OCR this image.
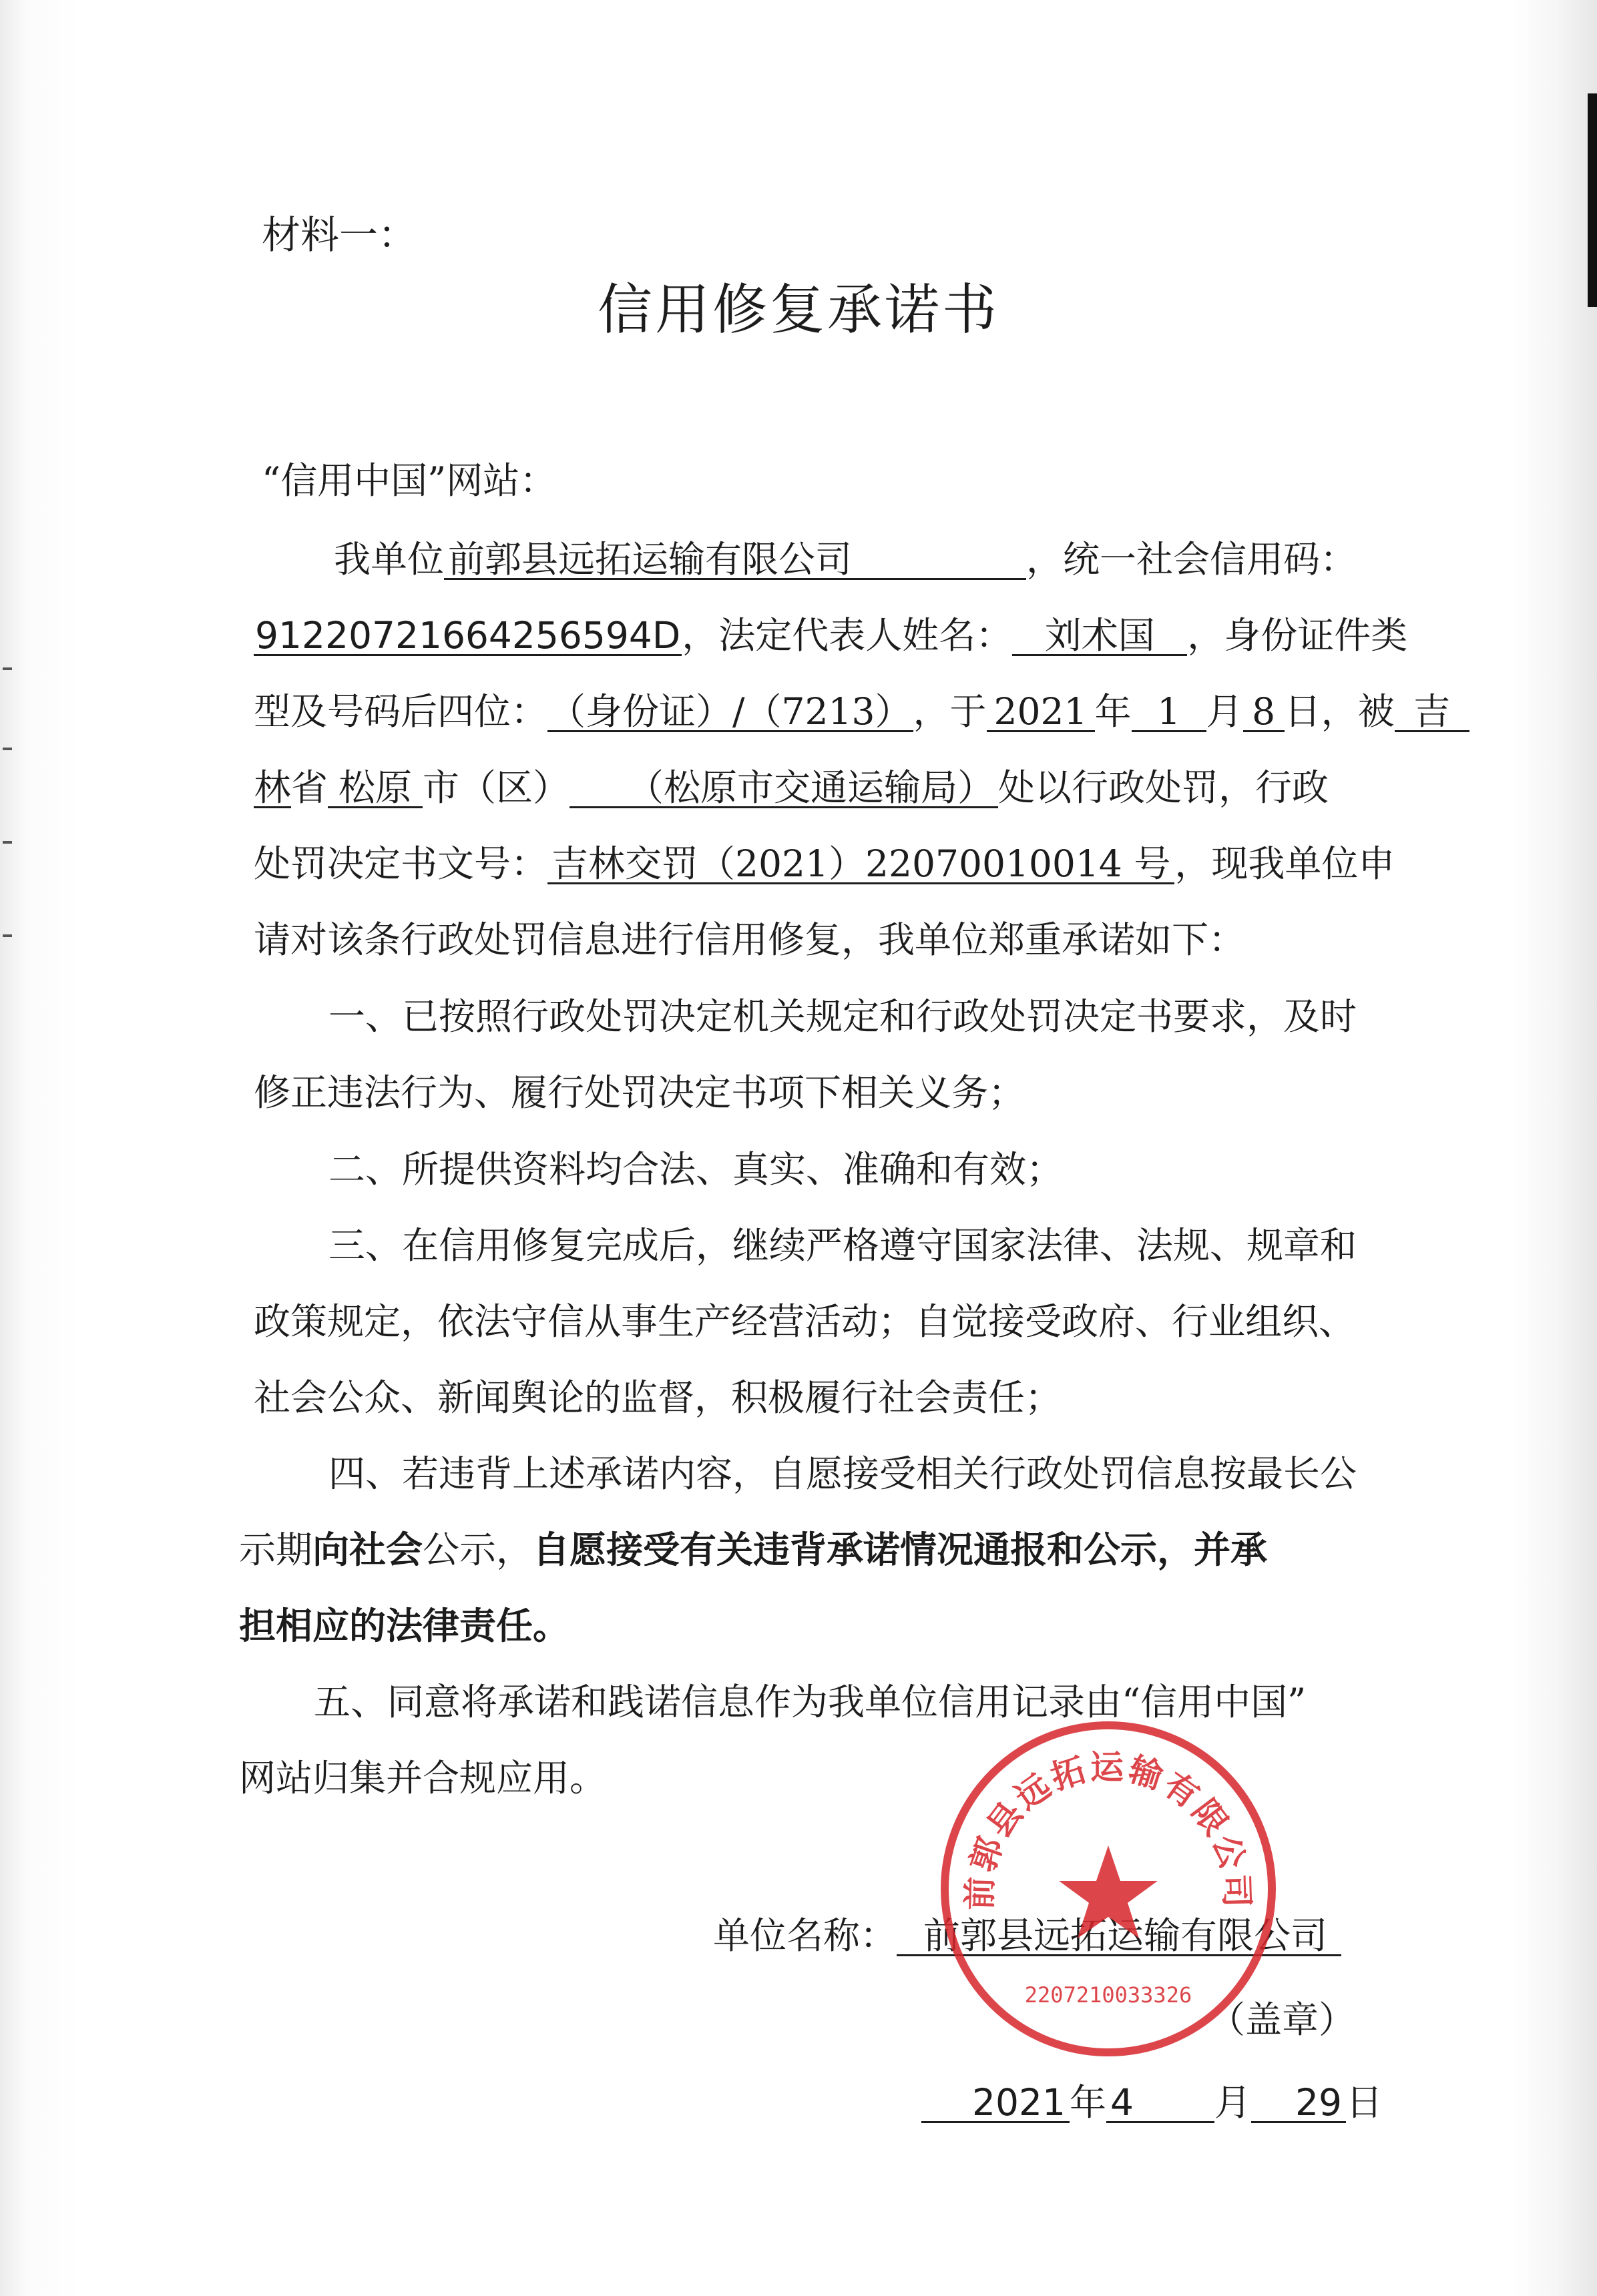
材料一：
信用修复承诺书
“信用中国”网站：
我单位 前郭县远拓运输有限公司	，统一社会信用码：
91220721664256594D，法定代表人姓名： 刘术国 ，身份证件类
型及号码后四位：（身份证）/（7213），于 2021 年 1 月 8 日，被 吉
林省 松原 市（区） （松原市交通运输局） 处以行政处罚，行政
处罚决定书文号： 吉林交罚（2021）22070010014 号 ，现我单位申
请对该条行政处罚信息进行信用修复，我单位郑重承诺如下：
一、已按照行政处罚决定机关规定和行政处罚决定书要求，及时
修正违法行为、履行处罚决定书项下相关义务；
二、所提供资料均合法、真实、准确和有效；
三、在信用修复完成后，继续严格遵守国家法律、法规、规章和
政策规定，依法守信从事生产经营活动；自觉接受政府、行业组织、
社会公众、新闻舆论的监督，积极履行社会责任；
四、若违背上述承诺内容，自愿接受相关行政处罚信息按最长公
示期向社会公示，自愿接受有关违背承诺情况通报和公示，并承
担相应的法律责任。
五、同意将承诺和践诺信息作为我单位信用记录由“信用中国”
网站归集并合规应用。
单位名称： 前郭县远拓运输有限公司
（盖章）
2021 年 4 月 29 日
前郭县远拓运输有限公司
2207210033326
